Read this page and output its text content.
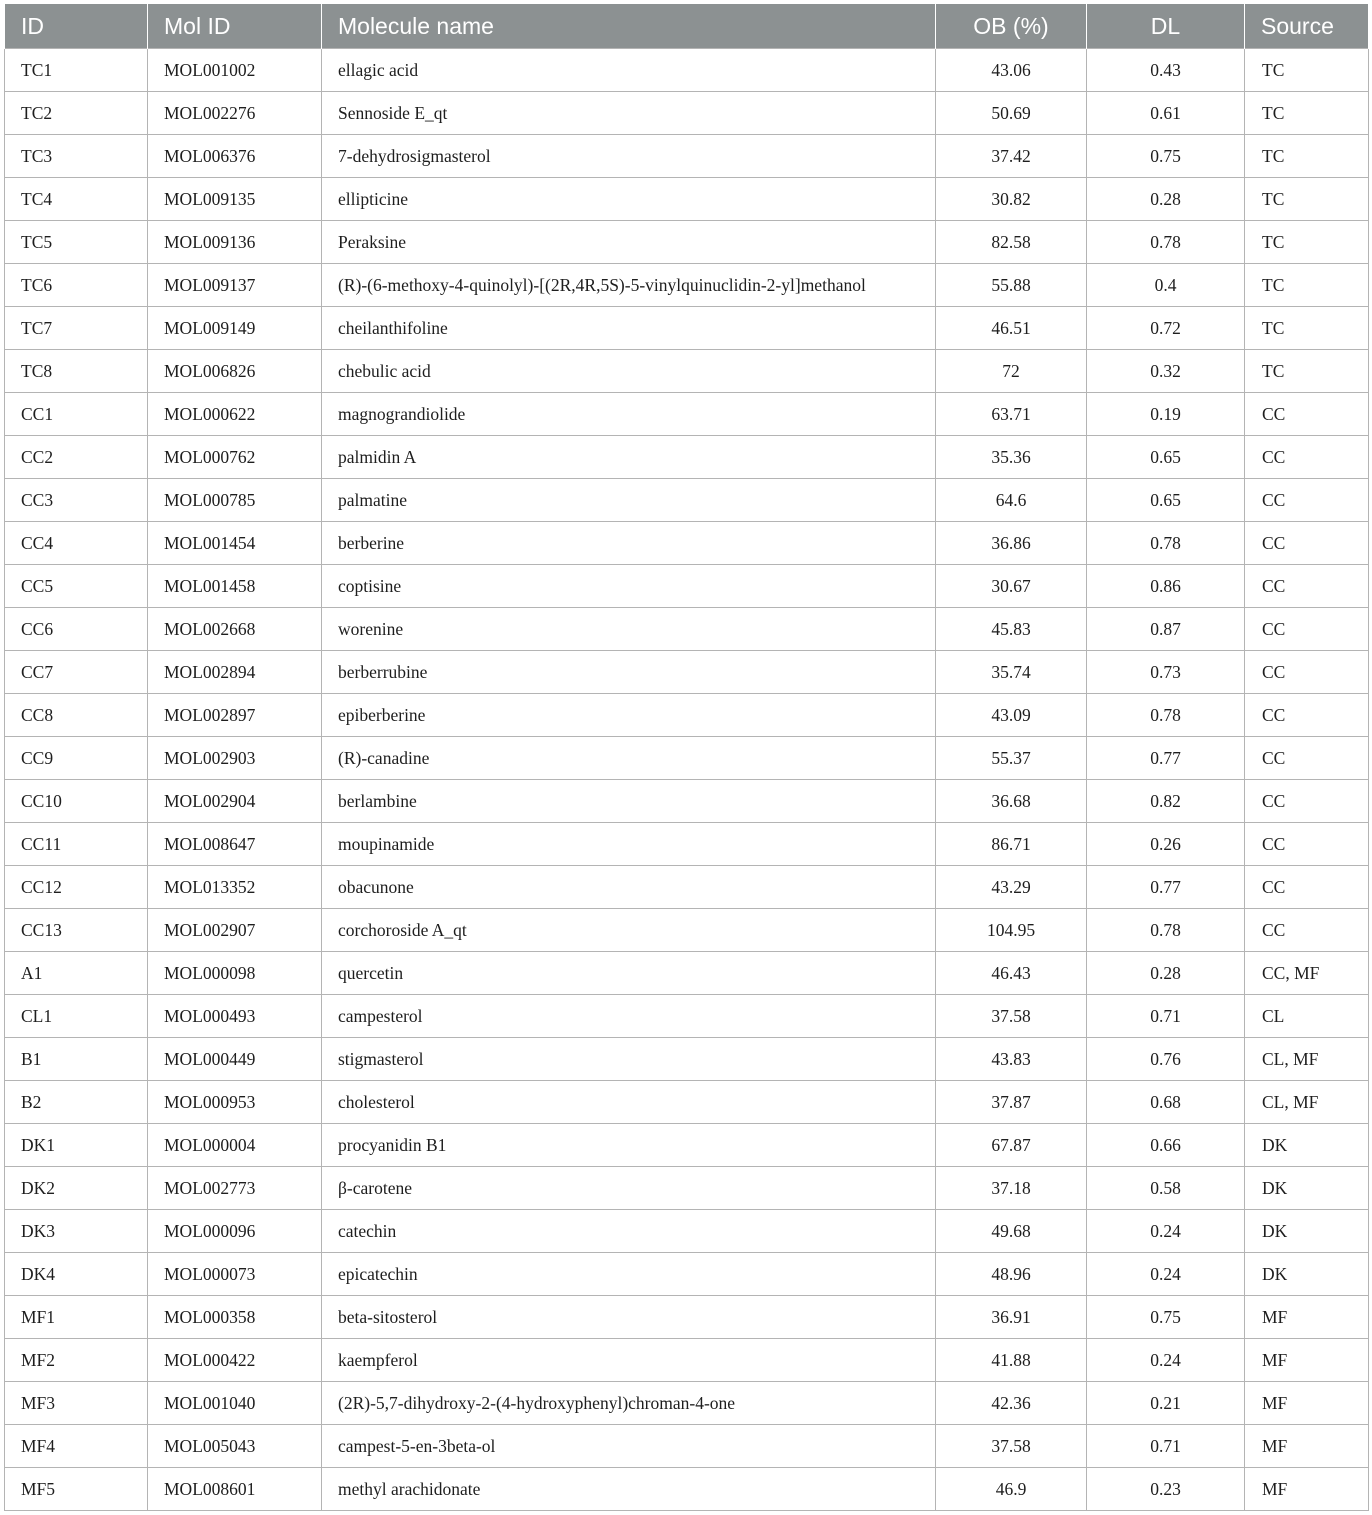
ID	Mol ID	Molecule name	OB (%)	DL	Source
TC1	MOL001002	ellagic acid	43.06	0.43	TC
TC2	MOL002276	Sennoside E_qt	50.69	0.61	TC
TC3	MOL006376	7-dehydrosigmasterol	37.42	0.75	TC
TC4	MOL009135	ellipticine	30.82	0.28	TC
TC5	MOL009136	Peraksine	82.58	0.78	TC
TC6	MOL009137	(R)-(6-methoxy-4-quinolyl)-[(2R,4R,5S)-5-vinylquinuclidin-2-yl]methanol	55.88	0.4	TC
TC7	MOL009149	cheilanthifoline	46.51	0.72	TC
TC8	MOL006826	chebulic acid	72	0.32	TC
CC1	MOL000622	magnograndiolide	63.71	0.19	CC
CC2	MOL000762	palmidin A	35.36	0.65	CC
CC3	MOL000785	palmatine	64.6	0.65	CC
CC4	MOL001454	berberine	36.86	0.78	CC
CC5	MOL001458	coptisine	30.67	0.86	CC
CC6	MOL002668	worenine	45.83	0.87	CC
CC7	MOL002894	berberrubine	35.74	0.73	CC
CC8	MOL002897	epiberberine	43.09	0.78	CC
CC9	MOL002903	(R)-canadine	55.37	0.77	CC
CC10	MOL002904	berlambine	36.68	0.82	CC
CC11	MOL008647	moupinamide	86.71	0.26	CC
CC12	MOL013352	obacunone	43.29	0.77	CC
CC13	MOL002907	corchoroside A_qt	104.95	0.78	CC
A1	MOL000098	quercetin	46.43	0.28	CC, MF
CL1	MOL000493	campesterol	37.58	0.71	CL
B1	MOL000449	stigmasterol	43.83	0.76	CL, MF
B2	MOL000953	cholesterol	37.87	0.68	CL, MF
DK1	MOL000004	procyanidin B1	67.87	0.66	DK
DK2	MOL002773	β-carotene	37.18	0.58	DK
DK3	MOL000096	catechin	49.68	0.24	DK
DK4	MOL000073	epicatechin	48.96	0.24	DK
MF1	MOL000358	beta-sitosterol	36.91	0.75	MF
MF2	MOL000422	kaempferol	41.88	0.24	MF
MF3	MOL001040	(2R)-5,7-dihydroxy-2-(4-hydroxyphenyl)chroman-4-one	42.36	0.21	MF
MF4	MOL005043	campest-5-en-3beta-ol	37.58	0.71	MF
MF5	MOL008601	methyl arachidonate	46.9	0.23	MF
